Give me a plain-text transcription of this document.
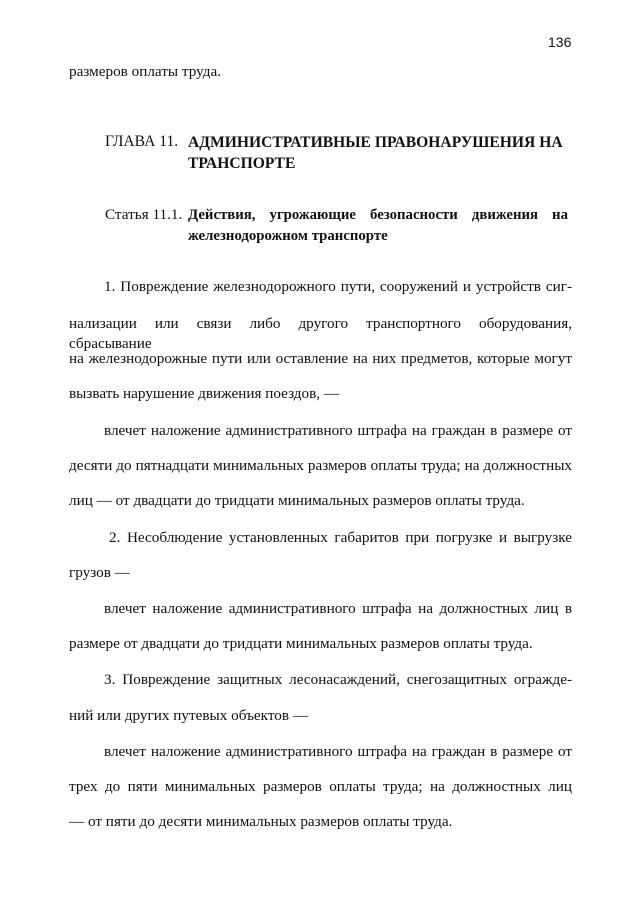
136

размеров оплаты труда.

ГЛАВА 11. АДМИНИСТРАТИВНЫЕ ПРАВОНАРУШЕНИЯ НА
ТРАНСПОРТЕ

Статья 11.1. Действия, угрожающие безопасности движения на
железнодорожном транспорте

1. Повреждение железнодорожного пути, сооружений и устройств сиг-

нализации или связи либо другого транспортного оборудования, сбрасывание

на железнодорожные пути или оставление на них предметов, которые могут

вызвать нарушение движения поездов, —

влечет наложение административного штрафа на граждан в размере от

десяти до пятнадцати минимальных размеров оплаты труда; на должностных

лиц — от двадцати до тридцати минимальных размеров оплаты труда.

2. Несоблюдение установленных габаритов при погрузке и выгрузке

грузов —

влечет наложение административного штрафа на должностных лиц в

размере от двадцати до тридцати минимальных размеров оплаты труда.

3. Повреждение защитных лесонасаждений, снегозащитных огражде-

ний или других путевых объектов —

влечет наложение административного штрафа на граждан в размере от

трех до пяти минимальных размеров оплаты труда; на должностных лиц

— от пяти до десяти минимальных размеров оплаты труда.
